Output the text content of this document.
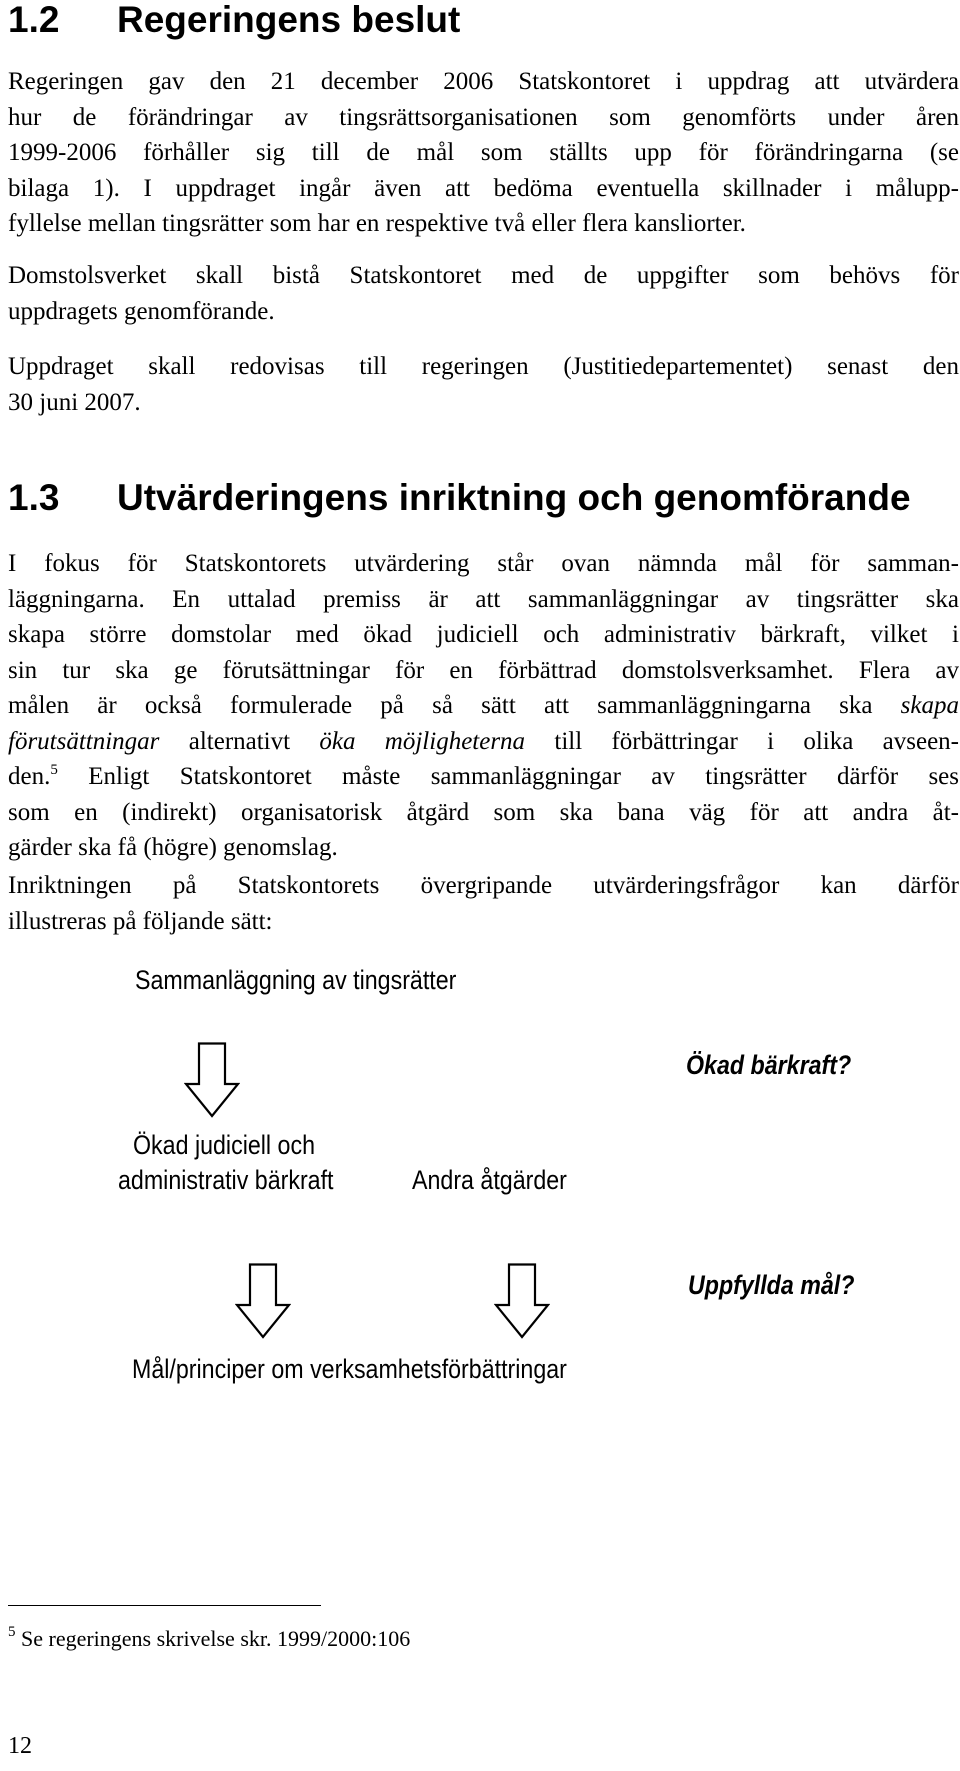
1.2 Regeringens beslut

Regeringen gav den 21 december 2006 Statskontoret i uppdrag att utvärdera
hur de förändringar av tingsrättsorganisationen som genomförts under åren
1999-2006 förhåller sig till de mål som ställts upp för förändringarna (se
bilaga 1). I uppdraget ingår även att bedöma eventuella skillnader i målupp-
fyllelse mellan tingsrätter som har en respektive två eller flera kansliorter.

Domstolsverket skall bistå Statskontoret med de uppgifter som behövs för
uppdragets genomförande.

Uppdraget skall redovisas till regeringen (Justitiedepartementet) senast den
30 juni 2007.

1.3 Utvärderingens inriktning och genomförande

I fokus för Statskontorets utvärdering står ovan nämnda mål för samman-
läggningarna. En uttalad premiss är att sammanläggningar av tingsrätter ska
skapa större domstolar med ökad judiciell och administrativ bärkraft, vilket i
sin tur ska ge förutsättningar för en förbättrad domstolsverksamhet. Flera av
målen är också formulerade på så sätt att sammanläggningarna ska skapa
förutsättningar alternativt öka möjligheterna till förbättringar i olika avseen-
den.$^5$ Enligt Statskontoret måste sammanläggningar av tingsrätter därför ses
som en (indirekt) organisatorisk åtgärd som ska bana väg för att andra åt-
gärder ska få (högre) genomslag.

Inriktningen på Statskontorets övergripande utvärderingsfrågor kan därför
illustreras på följande sätt:

Sammanläggning av tingsrätter
Ökad bärkraft?
Ökad judiciell och
administrativ bärkraft	Andra åtgärder
Uppfyllda mål?
Mål/principer om verksamhetsförbättringar
$^5$ Se regeringens skrivelse skr. 1999/2000:106
12
